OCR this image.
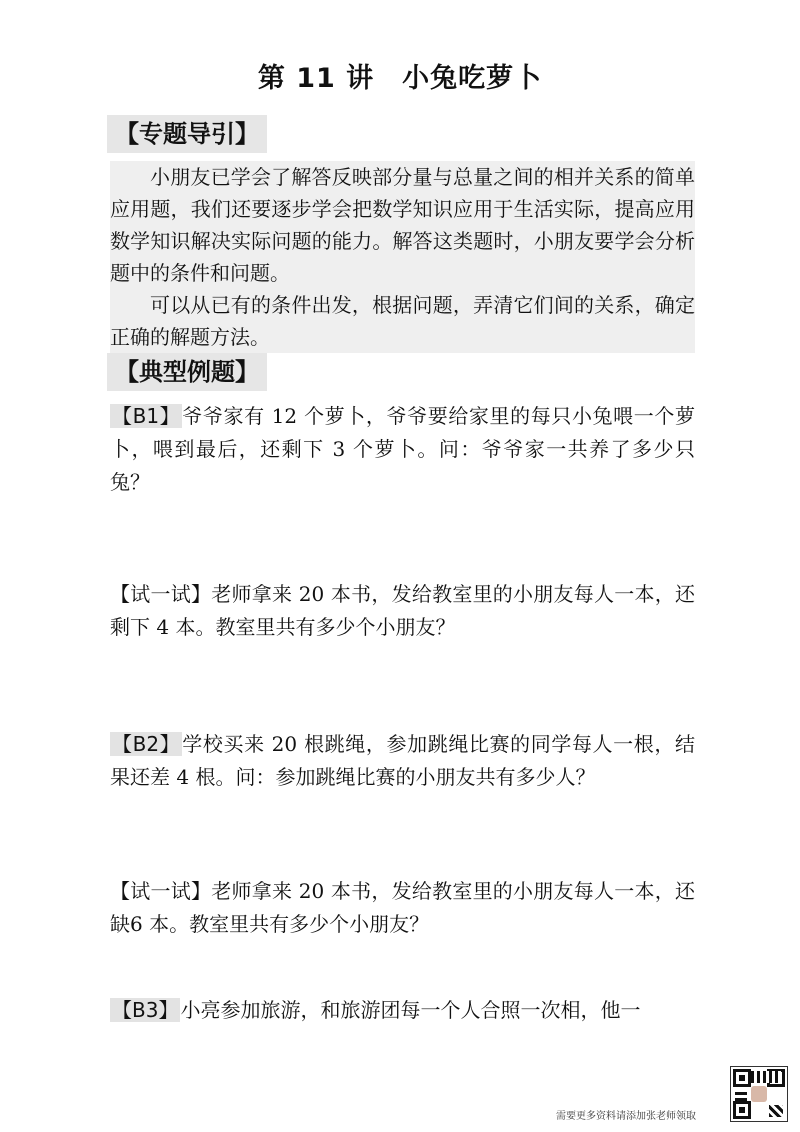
第 11 讲　小兔吃萝卜
【专题导引】

小朋友已学会了解答反映部分量与总量之间的相并关系的简单应用题，我们还要逐步学会把数学知识应用于生活实际，提高应用数学知识解决实际问题的能力。解答这类题时，小朋友要学会分析题中的条件和问题。

可以从已有的条件出发，根据问题，弄清它们间的关系，确定正确的解题方法。

【典型例题】
【B1】 爷爷家有 12 个萝卜，爷爷要给家里的每只小兔喂一个萝卜，喂到最后，还剩下 3 个萝卜。问：爷爷家一共养了多少只兔？
【试一试】老师拿来 20 本书，发给教室里的小朋友每人一本，还剩下 4 本。教室里共有多少个小朋友？
【B2】 学校买来 20 根跳绳，参加跳绳比赛的同学每人一根，结果还差 4 根。问：参加跳绳比赛的小朋友共有多少人？
【试一试】老师拿来 20 本书，发给教室里的小朋友每人一本，还缺6 本。教室里共有多少个小朋友？
【B3】 小亮参加旅游，和旅游团每一个人合照一次相，他一
需要更多资料请添加张老师领取
